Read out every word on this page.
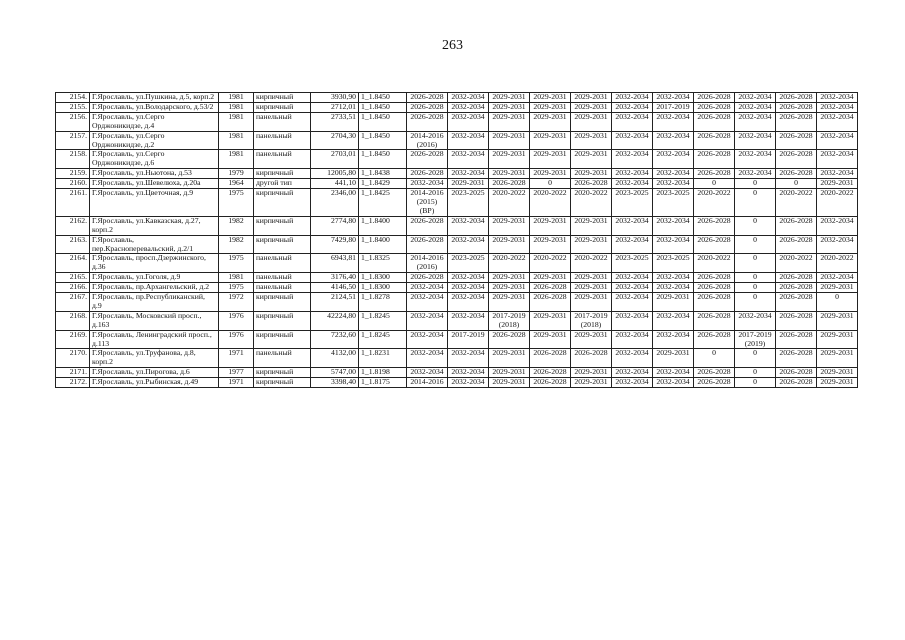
263
2154.	Г.Ярославль, ул.Пушкина, д.5, корп.2	1981	кирпичный	3930,90	1_1.8450	2026-2028	2032-2034	2029-2031	2029-2031	2029-2031	2032-2034	2032-2034	2026-2028	2032-2034	2026-2028	2032-2034
2155.	Г.Ярославль, ул.Володарского, д.53/2	1981	кирпичный	2712,01	1_1.8450	2026-2028	2032-2034	2029-2031	2029-2031	2029-2031	2032-2034	2017-2019	2026-2028	2032-2034	2026-2028	2032-2034
2156.	Г.Ярославль, ул.Серго Орджоникидзе, д.4	1981	панельный	2733,51	1_1.8450	2026-2028	2032-2034	2029-2031	2029-2031	2029-2031	2032-2034	2032-2034	2026-2028	2032-2034	2026-2028	2032-2034
2157.	Г.Ярославль, ул.Серго Орджоникидзе, д.2	1981	панельный	2704,30	1_1.8450	2014-2016 (2016)	2032-2034	2029-2031	2029-2031	2029-2031	2032-2034	2032-2034	2026-2028	2032-2034	2026-2028	2032-2034
2158.	Г.Ярославль, ул.Серго Орджоникидзе, д.6	1981	панельный	2703,01	1_1.8450	2026-2028	2032-2034	2029-2031	2029-2031	2029-2031	2032-2034	2032-2034	2026-2028	2032-2034	2026-2028	2032-2034
2159.	Г.Ярославль, ул.Ньютона, д.53	1979	кирпичный	12005,80	1_1.8438	2026-2028	2032-2034	2029-2031	2029-2031	2029-2031	2032-2034	2032-2034	2026-2028	2032-2034	2026-2028	2032-2034
2160.	Г.Ярославль, ул.Шевелюха, д.20а	1964	другой тип	441,10	1_1.8429	2032-2034	2029-2031	2026-2028	0	2026-2028	2032-2034	2032-2034	0	0	0	2029-2031
2161.	Г.Ярославль, ул.Цветочная, д.9	1975	кирпичный	2346,00	1_1.8425	2014-2016 (2015) (ВР)	2023-2025	2020-2022	2020-2022	2020-2022	2023-2025	2023-2025	2020-2022	0	2020-2022	2020-2022
2162.	Г.Ярославль, ул.Кавказская, д.27, корп.2	1982	кирпичный	2774,80	1_1.8400	2026-2028	2032-2034	2029-2031	2029-2031	2029-2031	2032-2034	2032-2034	2026-2028	0	2026-2028	2032-2034
2163.	Г.Ярославль, пер.Красноперевальский, д.2/1	1982	кирпичный	7429,80	1_1.8400	2026-2028	2032-2034	2029-2031	2029-2031	2029-2031	2032-2034	2032-2034	2026-2028	0	2026-2028	2032-2034
2164.	Г.Ярославль, просп.Дзержинского, д.36	1975	панельный	6943,81	1_1.8325	2014-2016 (2016)	2023-2025	2020-2022	2020-2022	2020-2022	2023-2025	2023-2025	2020-2022	0	2020-2022	2020-2022
2165.	Г.Ярославль, ул.Гоголя, д.9	1981	панельный	3176,40	1_1.8300	2026-2028	2032-2034	2029-2031	2029-2031	2029-2031	2032-2034	2032-2034	2026-2028	0	2026-2028	2032-2034
2166.	Г.Ярославль, пр.Архангельский, д.2	1975	панельный	4146,50	1_1.8300	2032-2034	2032-2034	2029-2031	2026-2028	2029-2031	2032-2034	2032-2034	2026-2028	0	2026-2028	2029-2031
2167.	Г.Ярославль, пр.Республиканский, д.9	1972	кирпичный	2124,51	1_1.8278	2032-2034	2032-2034	2029-2031	2026-2028	2029-2031	2032-2034	2029-2031	2026-2028	0	2026-2028	0
2168.	Г.Ярославль, Московский просп., д.163	1976	кирпичный	42224,80	1_1.8245	2032-2034	2032-2034	2017-2019 (2018)	2029-2031	2017-2019 (2018)	2032-2034	2032-2034	2026-2028	2032-2034	2026-2028	2029-2031
2169.	Г.Ярославль, Ленинградский просп., д.113	1976	кирпичный	7232,60	1_1.8245	2032-2034	2017-2019	2026-2028	2029-2031	2029-2031	2032-2034	2032-2034	2026-2028	2017-2019 (2019)	2026-2028	2029-2031
2170.	Г.Ярославль, ул.Труфанова, д.8, корп.2	1971	панельный	4132,00	1_1.8231	2032-2034	2032-2034	2029-2031	2026-2028	2026-2028	2032-2034	2029-2031	0	0	2026-2028	2029-2031
2171.	Г.Ярославль, ул.Пирогова, д.6	1977	кирпичный	5747,00	1_1.8198	2032-2034	2032-2034	2029-2031	2026-2028	2029-2031	2032-2034	2032-2034	2026-2028	0	2026-2028	2029-2031
2172.	Г.Ярославль, ул.Рыбинская, д.49	1971	кирпичный	3398,40	1_1.8175	2014-2016	2032-2034	2029-2031	2026-2028	2029-2031	2032-2034	2032-2034	2026-2028	0	2026-2028	2029-2031
